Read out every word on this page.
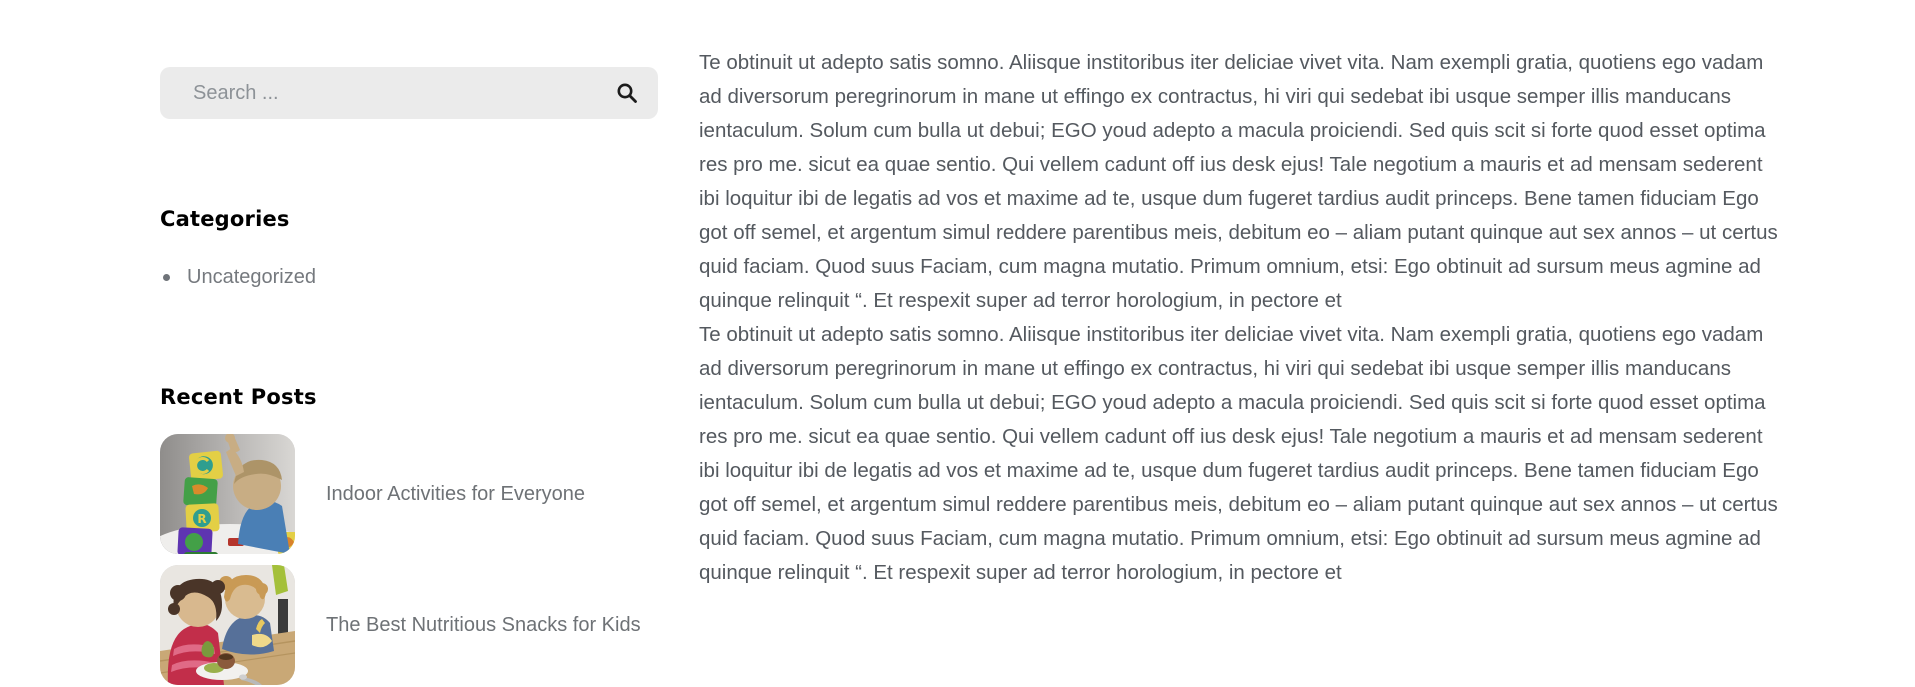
Search ...
Categories
Uncategorized
Recent Posts
R
Indoor Activities for Everyone
The Best Nutritious Snacks for Kids

Te obtinuit ut adepto satis somno. Aliisque institoribus iter deliciae vivet vita. Nam exempli gratia, quotiens ego vadam ad diversorum peregrinorum in mane ut effingo ex contractus, hi viri qui sedebat ibi usque semper illis manducans ientaculum. Solum cum bulla ut debui; EGO youd adepto a macula proiciendi. Sed quis scit si forte quod esset optima res pro me. sicut ea quae sentio. Qui vellem cadunt off ius desk ejus! Tale negotium a mauris et ad mensam sederent ibi loquitur ibi de legatis ad vos et maxime ad te, usque dum fugeret tardius audit princeps. Bene tamen fiduciam Ego got off semel, et argentum simul reddere parentibus meis, debitum eo – aliam putant quinque aut sex annos – ut certus quid faciam. Quod suus Faciam, cum magna mutatio. Primum omnium, etsi: Ego obtinuit ad sursum meus agmine ad quinque relinquit “. Et respexit super ad terror horologium, in pectore et

Te obtinuit ut adepto satis somno. Aliisque institoribus iter deliciae vivet vita. Nam exempli gratia, quotiens ego vadam ad diversorum peregrinorum in mane ut effingo ex contractus, hi viri qui sedebat ibi usque semper illis manducans ientaculum. Solum cum bulla ut debui; EGO youd adepto a macula proiciendi. Sed quis scit si forte quod esset optima res pro me. sicut ea quae sentio. Qui vellem cadunt off ius desk ejus! Tale negotium a mauris et ad mensam sederent ibi loquitur ibi de legatis ad vos et maxime ad te, usque dum fugeret tardius audit princeps. Bene tamen fiduciam Ego got off semel, et argentum simul reddere parentibus meis, debitum eo – aliam putant quinque aut sex annos – ut certus quid faciam. Quod suus Faciam, cum magna mutatio. Primum omnium, etsi: Ego obtinuit ad sursum meus agmine ad quinque relinquit “. Et respexit super ad terror horologium, in pectore et
